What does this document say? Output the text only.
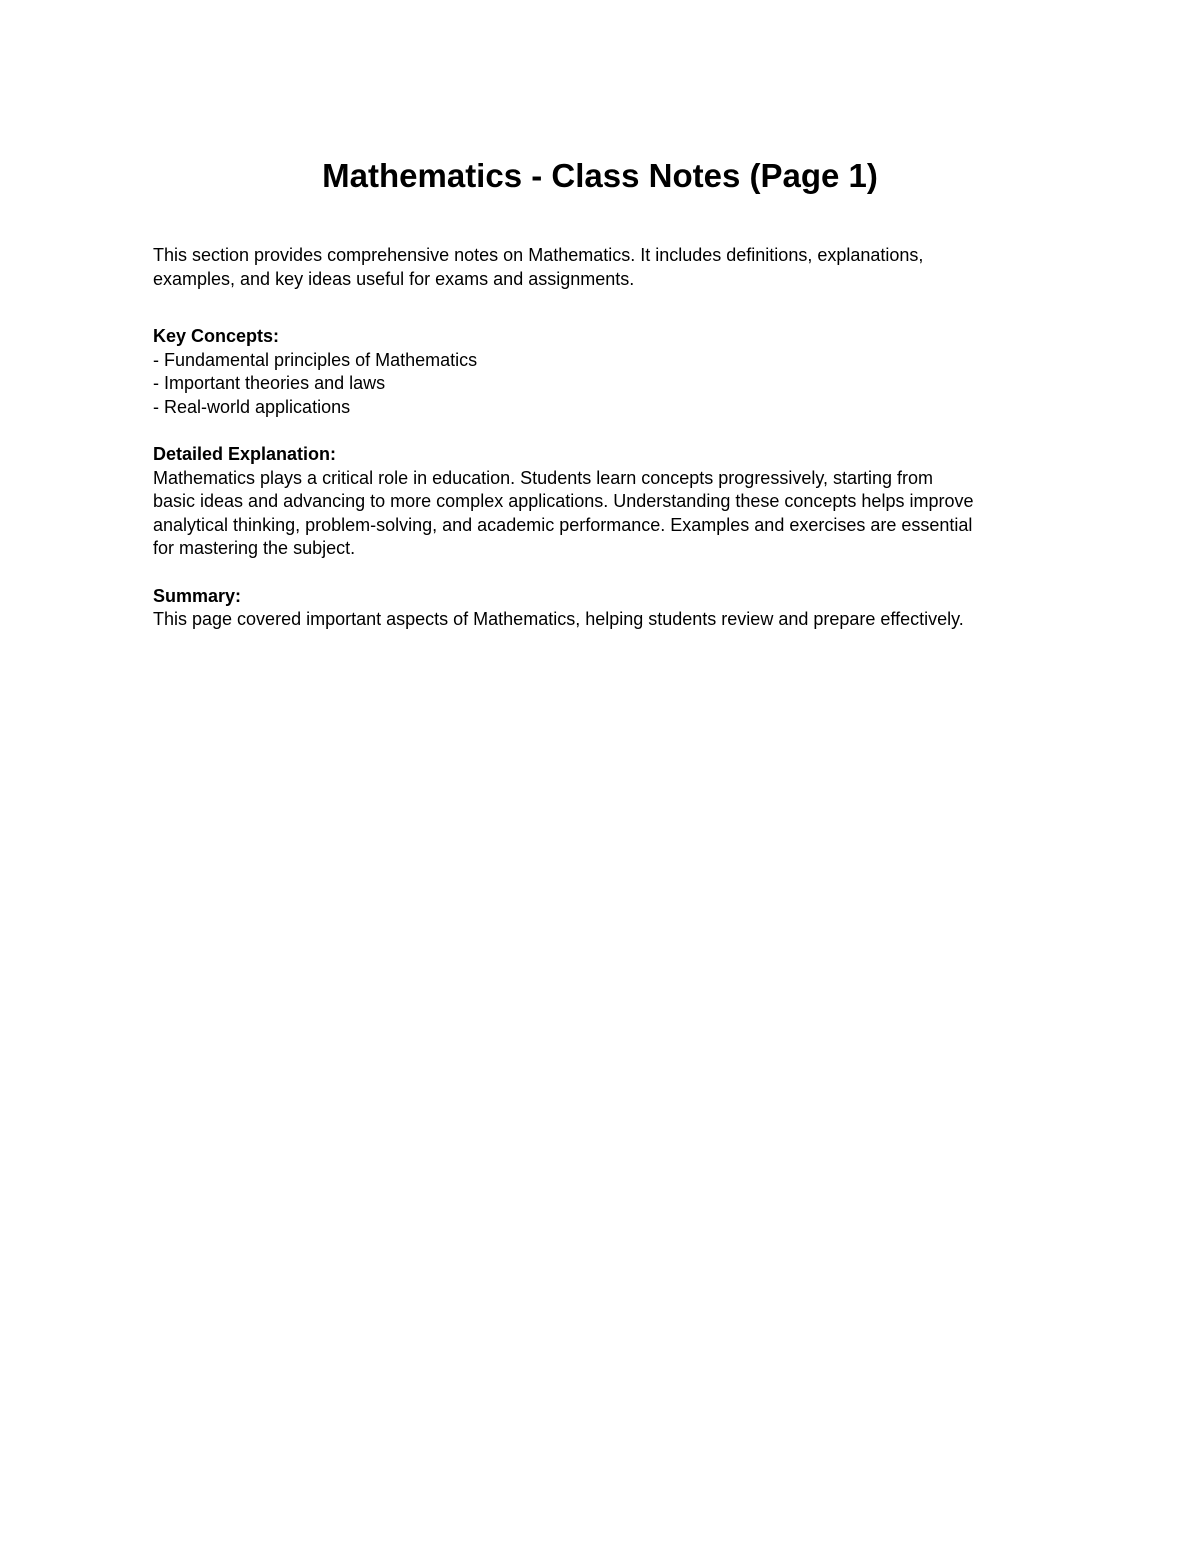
Mathematics - Class Notes (Page 1)
This section provides comprehensive notes on Mathematics. It includes definitions, explanations,
examples, and key ideas useful for exams and assignments.
Key Concepts:
- Fundamental principles of Mathematics
- Important theories and laws
- Real-world applications
Detailed Explanation:
Mathematics plays a critical role in education. Students learn concepts progressively, starting from
basic ideas and advancing to more complex applications. Understanding these concepts helps improve
analytical thinking, problem-solving, and academic performance. Examples and exercises are essential
for mastering the subject.
Summary:
This page covered important aspects of Mathematics, helping students review and prepare effectively.
